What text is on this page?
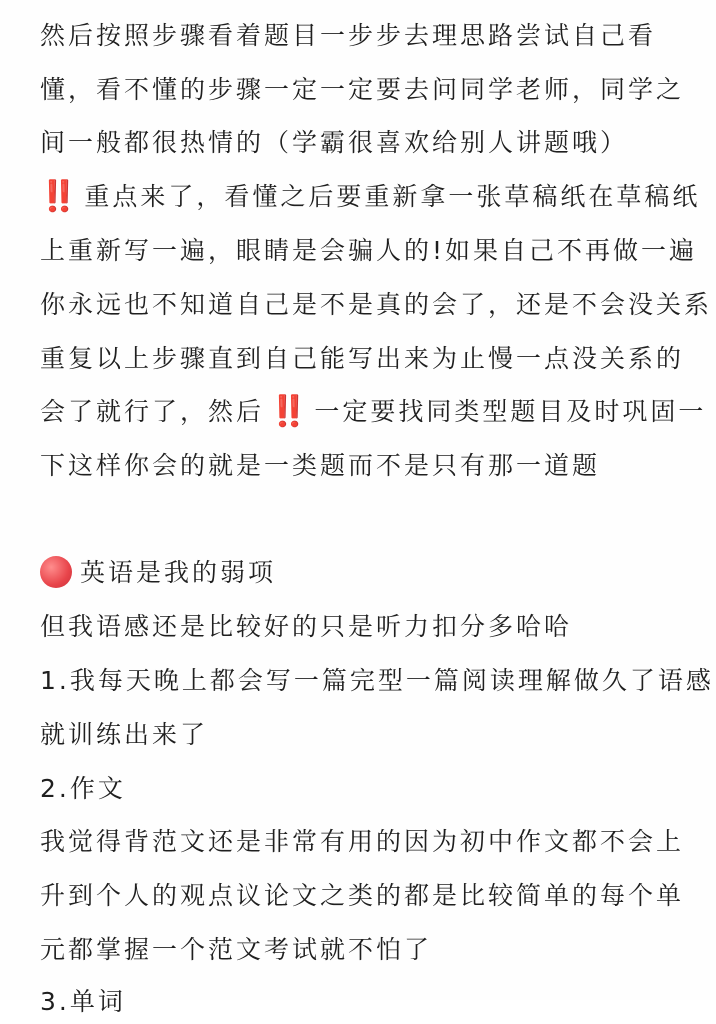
然后按照步骤看着题目一步步去理思路尝试自己看
懂，看不懂的步骤一定一定要去问同学老师，同学之
间一般都很热情的（学霸很喜欢给别人讲题哦）
‼️ 重点来了，看懂之后要重新拿一张草稿纸在草稿纸
上重新写一遍，眼睛是会骗人的!如果自己不再做一遍
你永远也不知道自己是不是真的会了，还是不会没关系
重复以上步骤直到自己能写出来为止慢一点没关系的
会了就行了，然后 ‼️ 一定要找同类型题目及时巩固一
下这样你会的就是一类题而不是只有那一道题
英语是我的弱项
但我语感还是比较好的只是听力扣分多哈哈
1.我每天晚上都会写一篇完型一篇阅读理解做久了语感
就训练出来了
2.作文
我觉得背范文还是非常有用的因为初中作文都不会上
升到个人的观点议论文之类的都是比较简单的每个单
元都掌握一个范文考试就不怕了
3.单词
